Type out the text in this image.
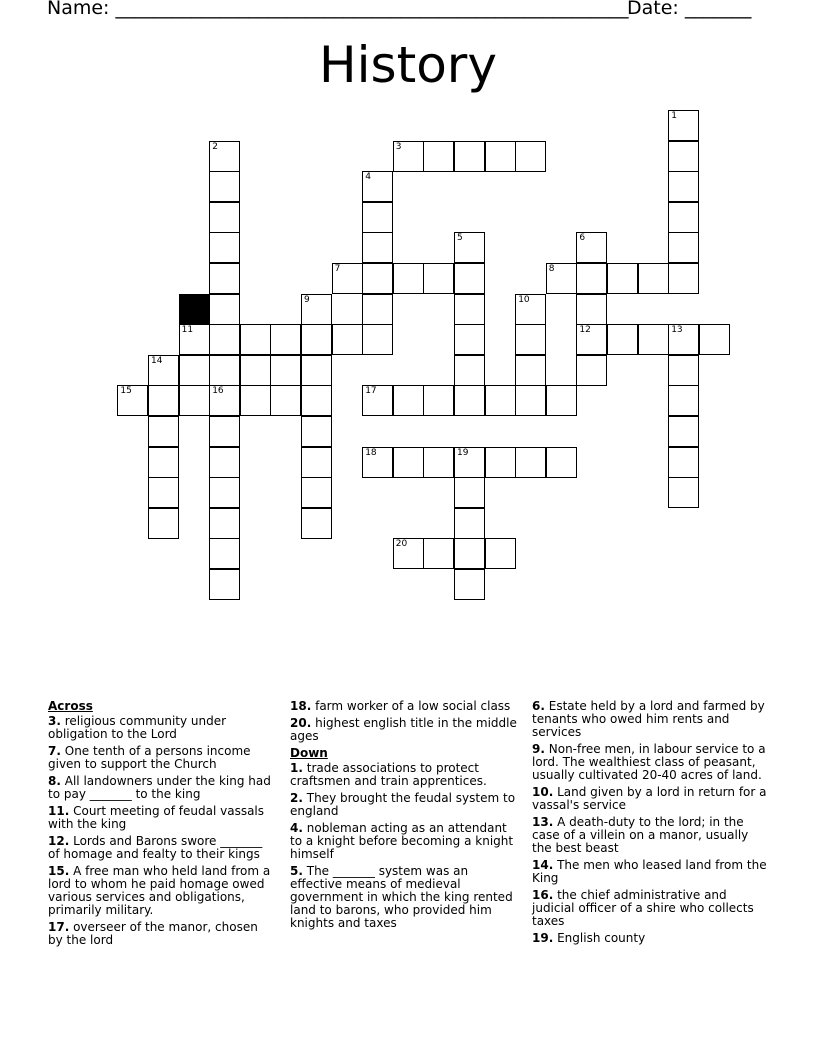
Name: ______________________________________________________
Date: _______
History
3
7	8
11	12	13
14
15	16	17
18	19
20
1
2
4
5	6
9	10
Across
3. religious community under obligation to the Lord
7. One tenth of a persons income given to support the Church
8. All landowners under the king had to pay _______ to the king
11. Court meeting of feudal vassals with the king
12. Lords and Barons swore _______ of homage and fealty to their kings
15. A free man who held land from a lord to whom he paid homage owed various services and obligations, primarily military.
17. overseer of the manor, chosen by the lord
18. farm worker of a low social class
20. highest english title in the middle ages
Down
1. trade associations to protect craftsmen and train apprentices.
2. They brought the feudal system to england
4. nobleman acting as an attendant to a knight before becoming a knight himself
5. The _______ system was an effective means of medieval government in which the king rented land to barons, who provided him knights and taxes
6. Estate held by a lord and farmed by tenants who owed him rents and services
9. Non-free men, in labour service to a lord. The wealthiest class of peasant, usually cultivated 20-40 acres of land.
10. Land given by a lord in return for a vassal's service
13. A death-duty to the lord; in the case of a villein on a manor, usually the best beast
14. The men who leased land from the King
16. the chief administrative and judicial officer of a shire who collects taxes
19. English county
